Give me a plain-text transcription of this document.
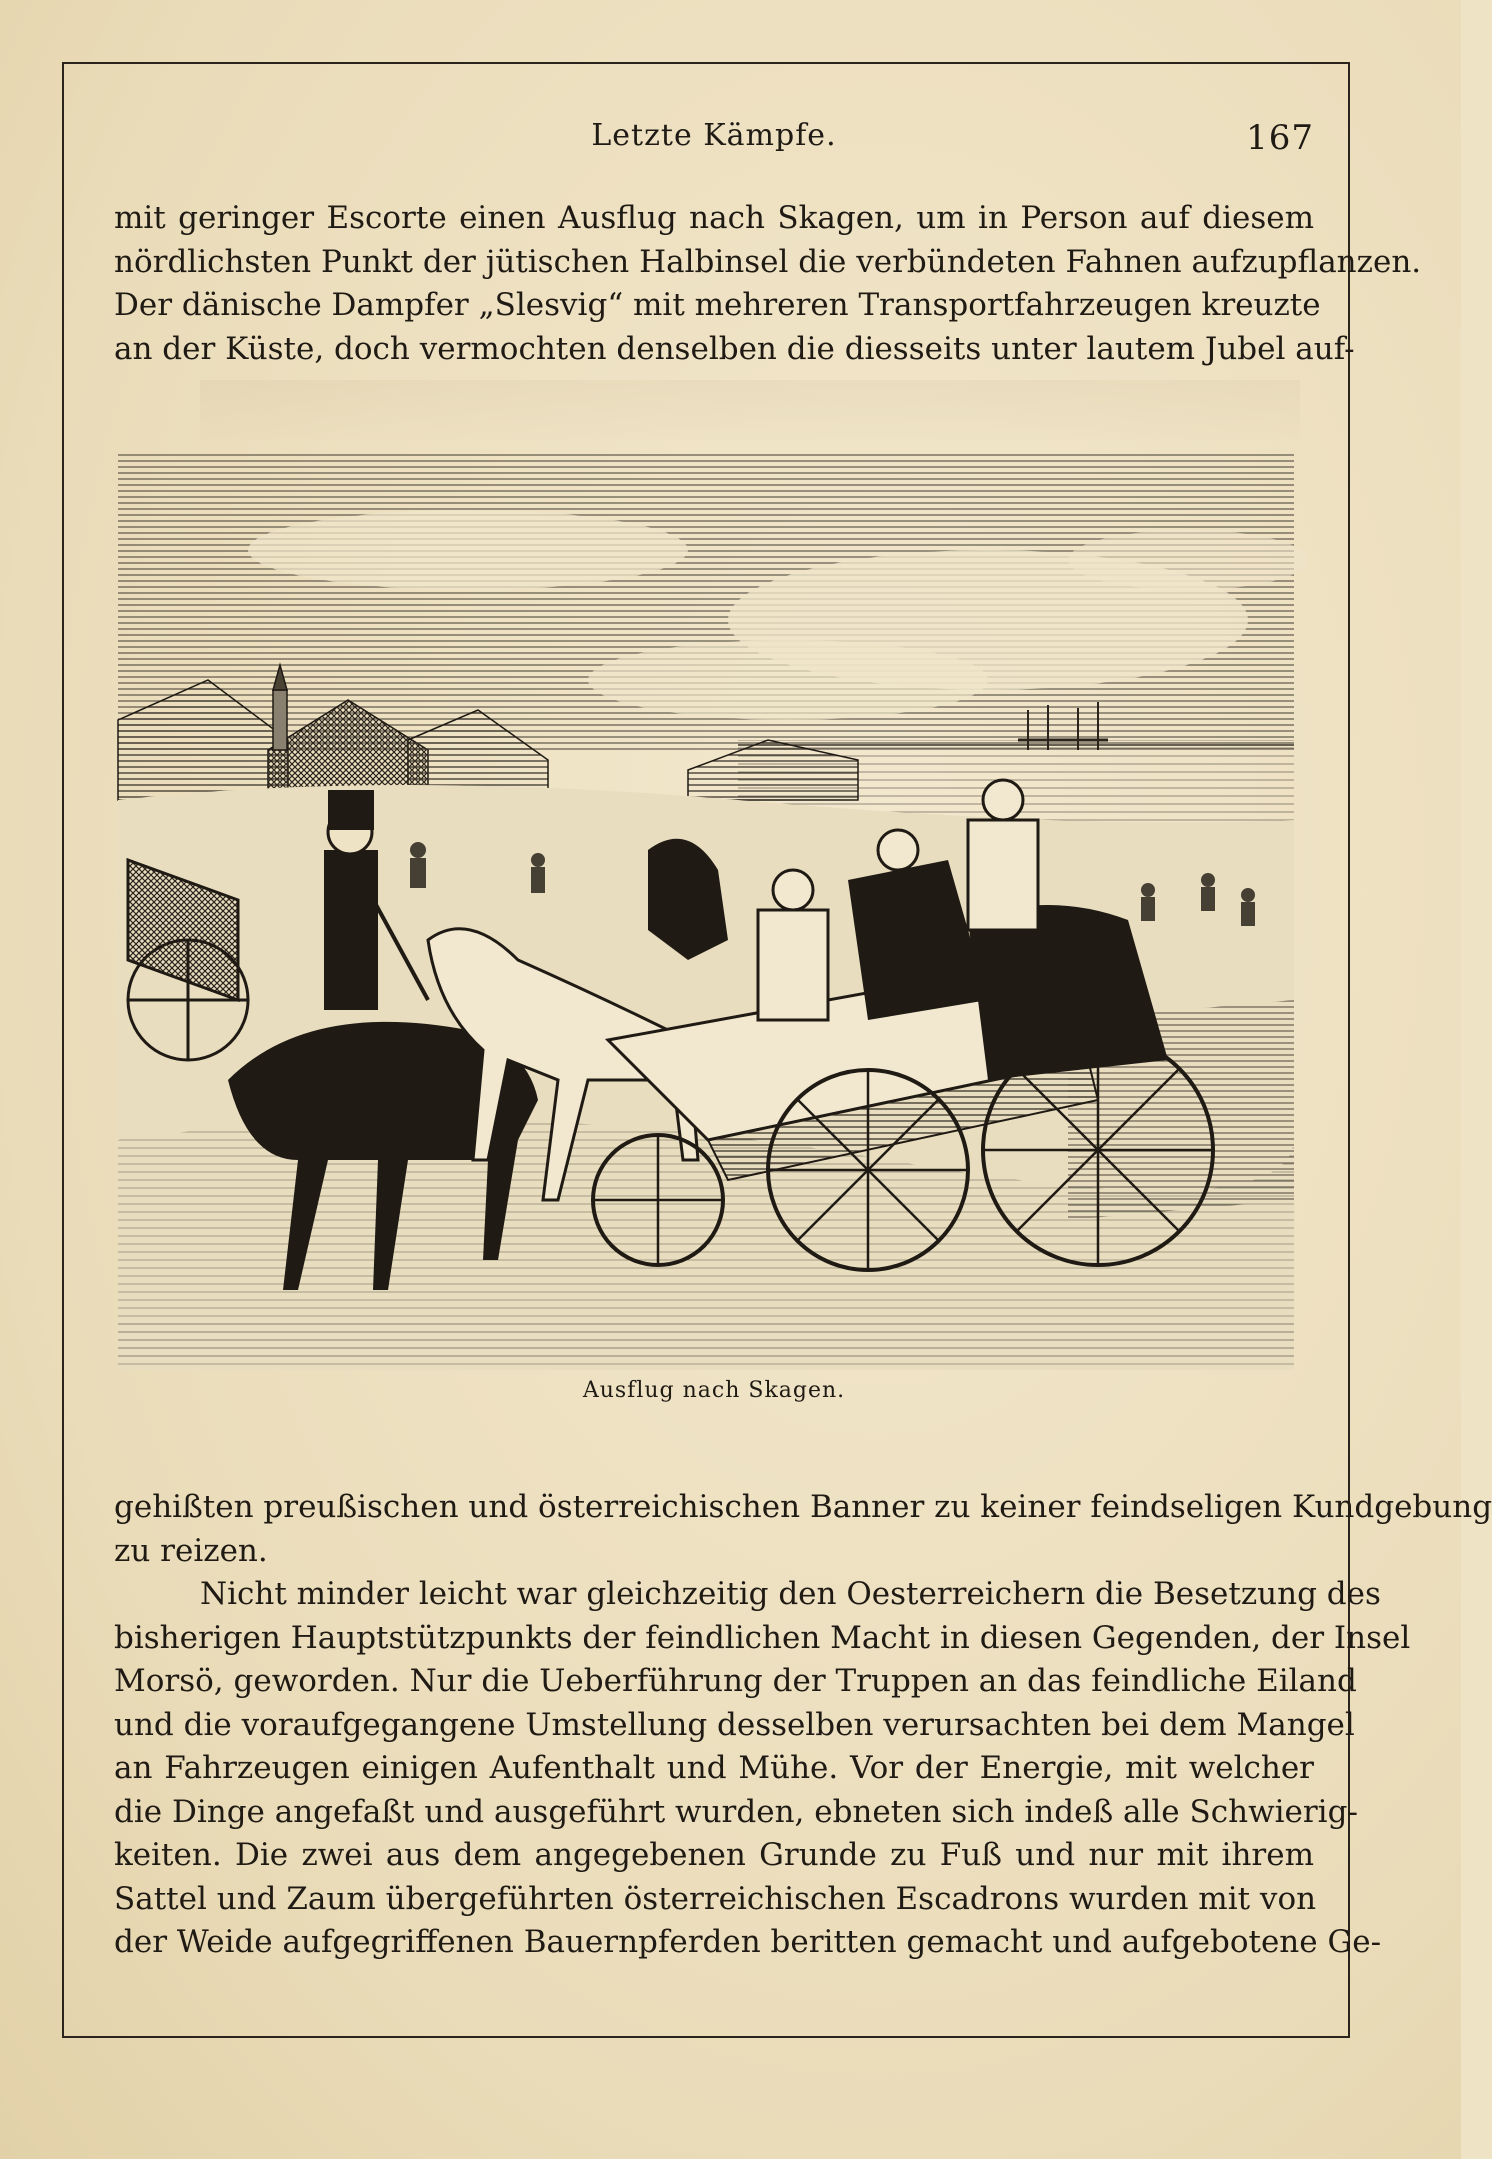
Letzte Kämpfe.	167
mit geringer Escorte einen Ausflug nach Skagen, um in Person auf diesem
nördlichsten Punkt der jütischen Halbinsel die verbündeten Fahnen aufzupflanzen.
Der dänische Dampfer „Slesvig“ mit mehreren Transportfahrzeugen kreuzte
an der Küste, doch vermochten denselben die diesseits unter lautem Jubel auf-
Ausflug nach Skagen.
gehißten preußischen und österreichischen Banner zu keiner feindseligen Kundgebung
zu reizen.
Nicht minder leicht war gleichzeitig den Oesterreichern die Besetzung des
bisherigen Hauptstützpunkts der feindlichen Macht in diesen Gegenden, der Insel
Morsö, geworden. Nur die Ueberführung der Truppen an das feindliche Eiland
und die voraufgegangene Umstellung desselben verursachten bei dem Mangel
an Fahrzeugen einigen Aufenthalt und Mühe. Vor der Energie, mit welcher
die Dinge angefaßt und ausgeführt wurden, ebneten sich indeß alle Schwierig-
keiten. Die zwei aus dem angegebenen Grunde zu Fuß und nur mit ihrem
Sattel und Zaum übergeführten österreichischen Escadrons wurden mit von
der Weide aufgegriffenen Bauernpferden beritten gemacht und aufgebotene Ge-
